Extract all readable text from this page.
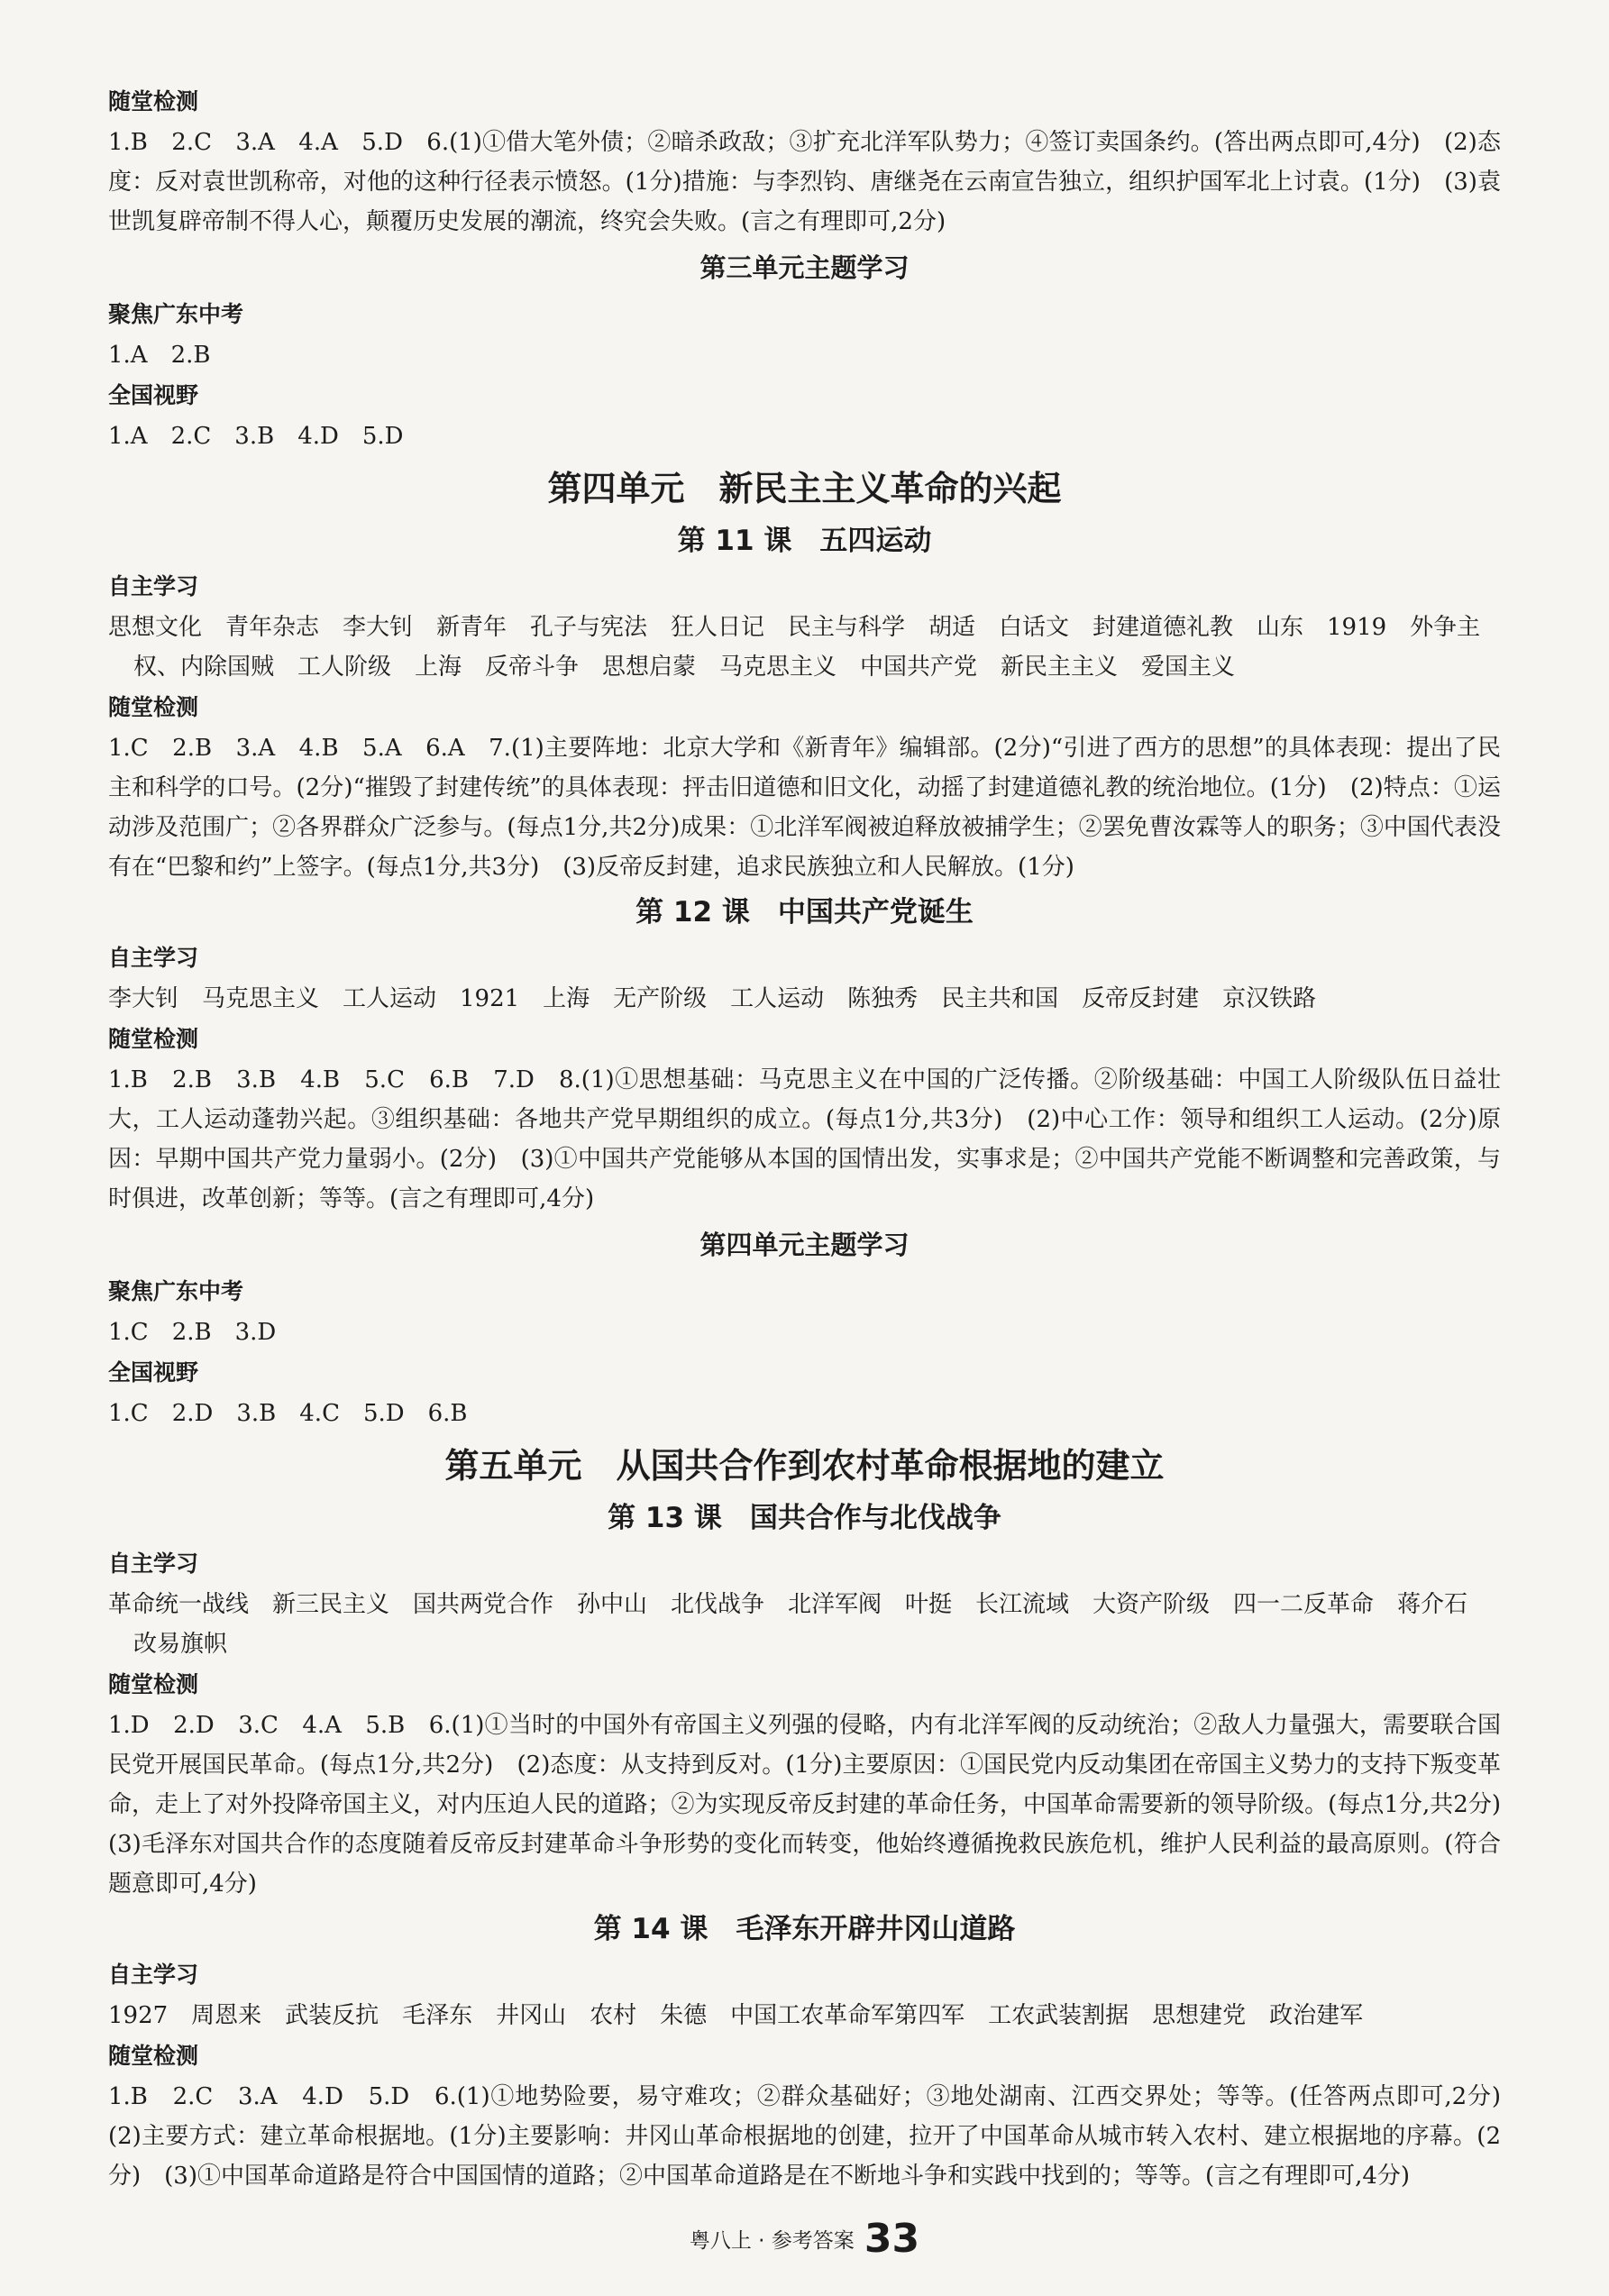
随堂检测

1.B　2.C　3.A　4.A　5.D　6.(1)①借大笔外债；②暗杀政敌；③扩充北洋军队势力；④签订卖国条约。(答出两点即可,4分)　(2)态度：反对袁世凯称帝，对他的这种行径表示愤怒。(1分)措施：与李烈钧、唐继尧在云南宣告独立，组织护国军北上讨袁。(1分)　(3)袁世凯复辟帝制不得人心，颠覆历史发展的潮流，终究会失败。(言之有理即可,2分)

第三单元主题学习

聚焦广东中考

1.A　2.B

全国视野

1.A　2.C　3.B　4.D　5.D

第四单元　新民主主义革命的兴起

第 11 课　五四运动

自主学习

思想文化　青年杂志　李大钊　新青年　孔子与宪法　狂人日记　民主与科学　胡适　白话文　封建道德礼教　山东　1919　外争主权、内除国贼　工人阶级　上海　反帝斗争　思想启蒙　马克思主义　中国共产党　新民主主义　爱国主义

随堂检测

1.C　2.B　3.A　4.B　5.A　6.A　7.(1)主要阵地：北京大学和《新青年》编辑部。(2分)“引进了西方的思想”的具体表现：提出了民主和科学的口号。(2分)“摧毁了封建传统”的具体表现：抨击旧道德和旧文化，动摇了封建道德礼教的统治地位。(1分)　(2)特点：①运动涉及范围广；②各界群众广泛参与。(每点1分,共2分)成果：①北洋军阀被迫释放被捕学生；②罢免曹汝霖等人的职务；③中国代表没有在“巴黎和约”上签字。(每点1分,共3分)　(3)反帝反封建，追求民族独立和人民解放。(1分)

第 12 课　中国共产党诞生

自主学习

李大钊　马克思主义　工人运动　1921　上海　无产阶级　工人运动　陈独秀　民主共和国　反帝反封建　京汉铁路

随堂检测

1.B　2.B　3.B　4.B　5.C　6.B　7.D　8.(1)①思想基础：马克思主义在中国的广泛传播。②阶级基础：中国工人阶级队伍日益壮大，工人运动蓬勃兴起。③组织基础：各地共产党早期组织的成立。(每点1分,共3分)　(2)中心工作：领导和组织工人运动。(2分)原因：早期中国共产党力量弱小。(2分)　(3)①中国共产党能够从本国的国情出发，实事求是；②中国共产党能不断调整和完善政策，与时俱进，改革创新；等等。(言之有理即可,4分)

第四单元主题学习

聚焦广东中考

1.C　2.B　3.D

全国视野

1.C　2.D　3.B　4.C　5.D　6.B

第五单元　从国共合作到农村革命根据地的建立

第 13 课　国共合作与北伐战争

自主学习

革命统一战线　新三民主义　国共两党合作　孙中山　北伐战争　北洋军阀　叶挺　长江流域　大资产阶级　四一二反革命　蒋介石　改易旗帜

随堂检测

1.D　2.D　3.C　4.A　5.B　6.(1)①当时的中国外有帝国主义列强的侵略，内有北洋军阀的反动统治；②敌人力量强大，需要联合国民党开展国民革命。(每点1分,共2分)　(2)态度：从支持到反对。(1分)主要原因：①国民党内反动集团在帝国主义势力的支持下叛变革命，走上了对外投降帝国主义，对内压迫人民的道路；②为实现反帝反封建的革命任务，中国革命需要新的领导阶级。(每点1分,共2分)　(3)毛泽东对国共合作的态度随着反帝反封建革命斗争形势的变化而转变，他始终遵循挽救民族危机，维护人民利益的最高原则。(符合题意即可,4分)

第 14 课　毛泽东开辟井冈山道路

自主学习

1927　周恩来　武装反抗　毛泽东　井冈山　农村　朱德　中国工农革命军第四军　工农武装割据　思想建党　政治建军

随堂检测

1.B　2.C　3.A　4.D　5.D　6.(1)①地势险要，易守难攻；②群众基础好；③地处湖南、江西交界处；等等。(任答两点即可,2分)　(2)主要方式：建立革命根据地。(1分)主要影响：井冈山革命根据地的创建，拉开了中国革命从城市转入农村、建立根据地的序幕。(2分)　(3)①中国革命道路是符合中国国情的道路；②中国革命道路是在不断地斗争和实践中找到的；等等。(言之有理即可,4分)

粤八上 · 参考答案 33
